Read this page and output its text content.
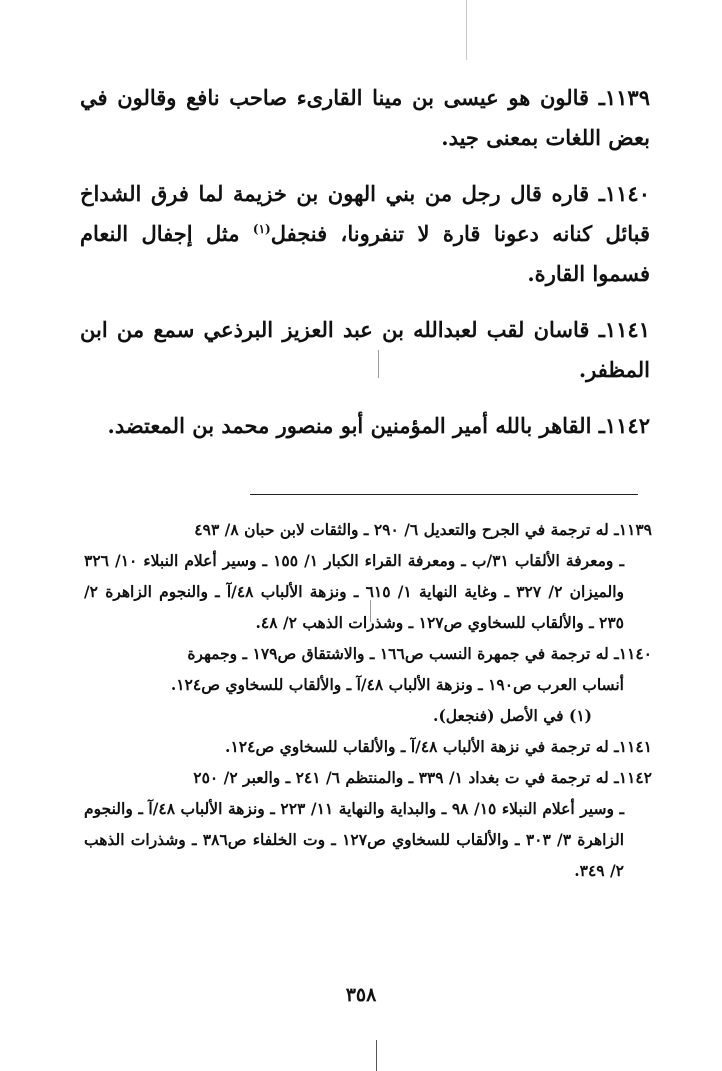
١١٣٩ـ قالون هو عيسى بن مينا القارىء صاحب نافع وقالون في بعض اللغات بمعنى جيد.

١١٤٠ـ قاره قال رجل من بني الهون بن خزيمة لما فرق الشداخ قبائل كنانه دعونا قارة لا تنفرونا، فنجفل$^{(١)}$ مثل إجفال النعام فسموا القارة.

١١٤١ـ قاسان لقب لعبدالله بن عبد العزيز البرذعي سمع من ابن المظفر.

١١٤٢ـ القاهر بالله أمير المؤمنين أبو منصور محمد بن المعتضد.

١١٣٩ـ له ترجمة في الجرح والتعديل ٦/ ٢٩٠ ـ والثقات لابن حبان ٨/ ٤٩٣

ـ ومعرفة الألقاب ٣١/ب ـ ومعرفة القراء الكبار ١/ ١٥٥ ـ وسير أعلام النبلاء ١٠/ ٣٢٦ والميزان ٢/ ٣٢٧ ـ وغاية النهاية ١/ ٦١٥ ـ ونزهة الألباب ٤٨/آ ـ والنجوم الزاهرة ٢/ ٢٣٥ ـ والألقاب للسخاوي ص١٢٧ ـ وشذرات الذهب ٢/ ٤٨.

١١٤٠ـ له ترجمة في جمهرة النسب ص١٦٦ ـ والاشتقاق ص١٧٩ ـ وجمهرة

أنساب العرب ص١٩٠ ـ ونزهة الألباب ٤٨/آ ـ والألقاب للسخاوي ص١٢٤.

(١) في الأصل (فنجعل).

١١٤١ـ له ترجمة في نزهة الألباب ٤٨/آ ـ والألقاب للسخاوي ص١٢٤.

١١٤٢ـ له ترجمة في ت بغداد ١/ ٣٣٩ ـ والمنتظم ٦/ ٢٤١ ـ والعبر ٢/ ٢٥٠

ـ وسير أعلام النبلاء ١٥/ ٩٨ ـ والبداية والنهاية ١١/ ٢٢٣ ـ ونزهة الألباب ٤٨/آ ـ والنجوم الزاهرة ٣/ ٣٠٣ ـ والألقاب للسخاوي ص١٢٧ ـ وت الخلفاء ص٣٨٦ ـ وشذرات الذهب ٢/ ٣٤٩.

٣٥٨
